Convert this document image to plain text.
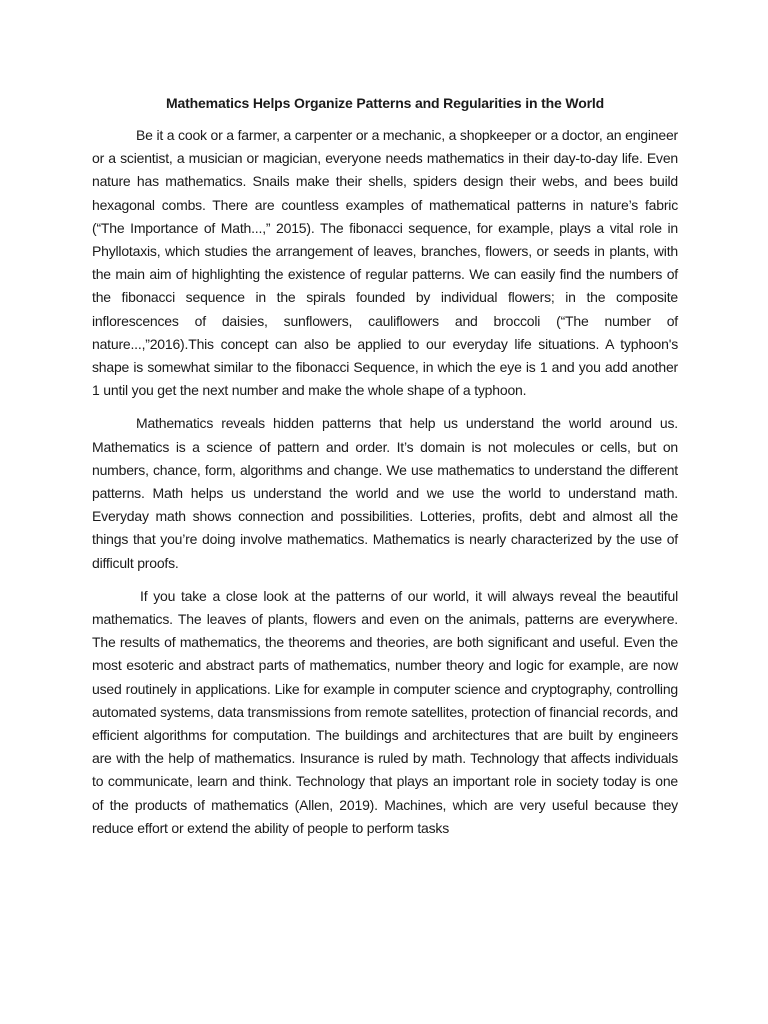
Mathematics Helps Organize Patterns and Regularities in the World

Be it a cook or a farmer, a carpenter or a mechanic, a shopkeeper or a doctor, an engineer or a scientist, a musician or magician, everyone needs mathematics in their day-to-day life. Even nature has mathematics. Snails make their shells, spiders design their webs, and bees build hexagonal combs. There are countless examples of mathematical patterns in nature’s fabric (“The Importance of Math...,” 2015). The fibonacci sequence, for example, plays a vital role in Phyllotaxis, which studies the arrangement of leaves, branches, flowers, or seeds in plants, with the main aim of highlighting the existence of regular patterns. We can easily find the numbers of the fibonacci sequence in the spirals founded by individual flowers; in the composite inflorescences of daisies, sunflowers, cauliflowers and broccoli (“The number of nature...,”2016).This concept can also be applied to our everyday life situations. A typhoon's shape is somewhat similar to the fibonacci Sequence, in which the eye is 1 and you add another 1 until you get the next number and make the whole shape of a typhoon.

Mathematics reveals hidden patterns that help us understand the world around us. Mathematics is a science of pattern and order. It’s domain is not molecules or cells, but on numbers, chance, form, algorithms and change. We use mathematics to understand the different patterns. Math helps us understand the world and we use the world to understand math. Everyday math shows connection and possibilities. Lotteries, profits, debt and almost all the things that you’re doing involve mathematics. Mathematics is nearly characterized by the use of difficult proofs.

If you take a close look at the patterns of our world, it will always reveal the beautiful mathematics. The leaves of plants, flowers and even on the animals, patterns are everywhere. The results of mathematics, the theorems and theories, are both significant and useful. Even the most esoteric and abstract parts of mathematics, number theory and logic for example, are now used routinely in applications. Like for example in computer science and cryptography, controlling automated systems, data transmissions from remote satellites, protection of financial records, and efficient algorithms for computation. The buildings and architectures that are built by engineers are with the help of mathematics. Insurance is ruled by math. Technology that affects individuals to communicate, learn and think. Technology that plays an important role in society today is one of the products of mathematics (Allen, 2019). Machines, which are very useful because they reduce effort or extend the ability of people to perform tasks
